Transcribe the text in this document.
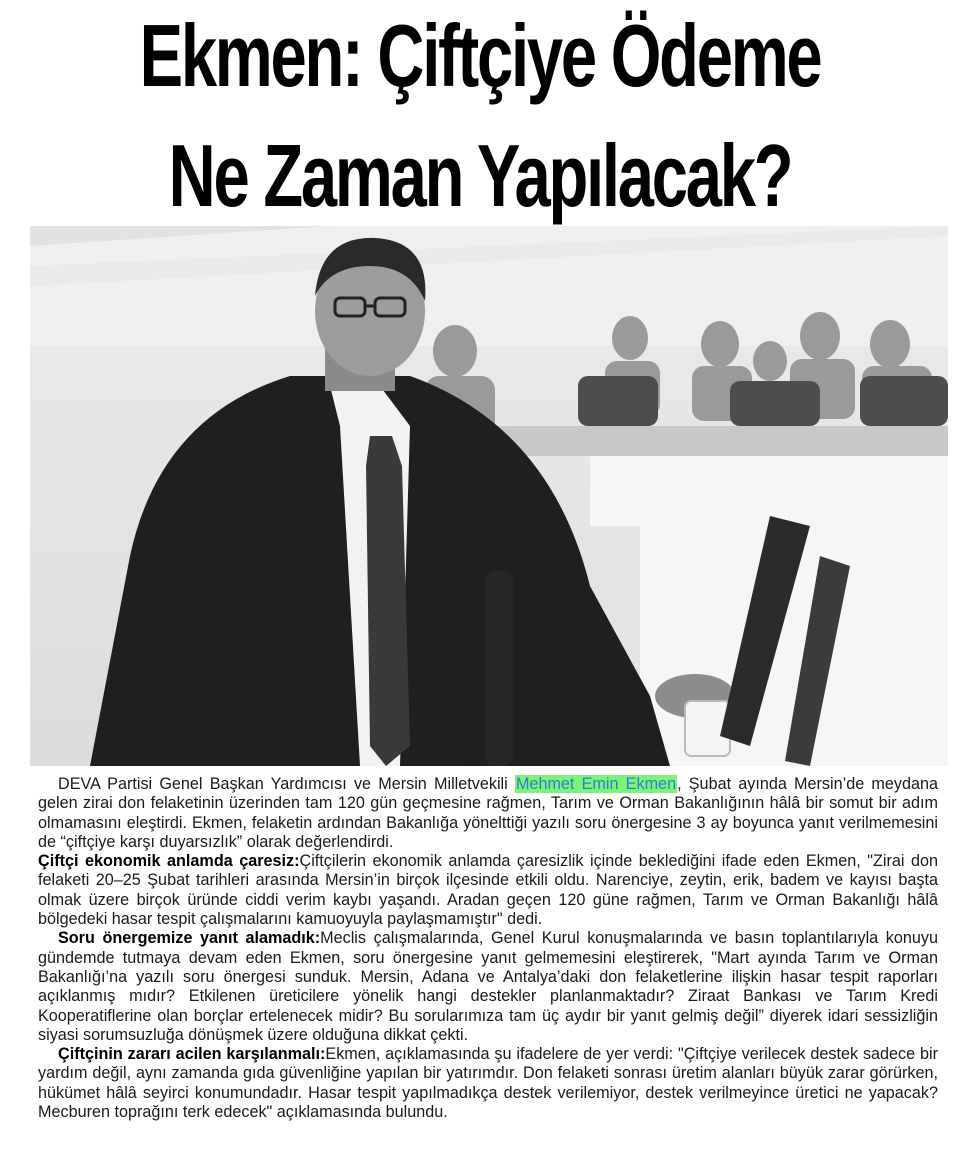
Ekmen: Çiftçiye Ödeme
Ne Zaman Yapılacak?

DEVA Partisi Genel Başkan Yardımcısı ve Mersin Milletvekili Mehmet Emin Ekmen, Şubat ayında Mersin’de meydana gelen zirai don felaketinin üzerinden tam 120 gün geçmesine rağmen, Tarım ve Orman Bakanlığının hâlâ bir somut bir adım olmamasını eleştirdi. Ekmen, felaketin ardından Bakanlığa yönelttiği yazılı soru önergesine 3 ay boyunca yanıt verilmemesini de “çiftçiye karşı duyarsızlık” olarak değerlendirdi.

Çiftçi ekonomik anlamda çaresiz:Çiftçilerin ekonomik anlamda çaresizlik içinde beklediğini ifade eden Ekmen, "Zirai don felaketi 20–25 Şubat tarihleri arasında Mersin’in birçok ilçesinde etkili oldu. Narenciye, zeytin, erik, badem ve kayısı başta olmak üzere birçok üründe ciddi verim kaybı yaşandı. Aradan geçen 120 güne rağmen, Tarım ve Orman Bakanlığı hâlâ bölgedeki hasar tespit çalışmalarını kamuoyuyla paylaşmamıştır" dedi.

Soru önergemize yanıt alamadık:Meclis çalışmalarında, Genel Kurul konuşmalarında ve basın toplantılarıyla konuyu gündemde tutmaya devam eden Ekmen, soru önergesine yanıt gelmemesini eleştirerek, "Mart ayında Tarım ve Orman Bakanlığı’na yazılı soru önergesi sunduk. Mersin, Adana ve Antalya’daki don felaketlerine ilişkin hasar tespit raporları açıklanmış mıdır? Etkilenen üreticilere yönelik hangi destekler planlanmaktadır? Ziraat Bankası ve Tarım Kredi Kooperatiflerine olan borçlar ertelenecek midir? Bu sorularımıza tam üç aydır bir yanıt gelmiş değil” diyerek idari sessizliğin siyasi sorumsuzluğa dönüşmek üzere olduğuna dikkat çekti.

Çiftçinin zararı acilen karşılanmalı:Ekmen, açıklamasında şu ifadelere de yer verdi: "Çiftçiye verilecek destek sadece bir yardım değil, aynı zamanda gıda güvenliğine yapılan bir yatırımdır. Don felaketi sonrası üretim alanları büyük zarar görürken, hükümet hâlâ seyirci konumundadır. Hasar tespit yapılmadıkça destek verilemiyor, destek verilmeyince üretici ne yapacak? Mecburen toprağını terk edecek" açıklamasında bulundu.
